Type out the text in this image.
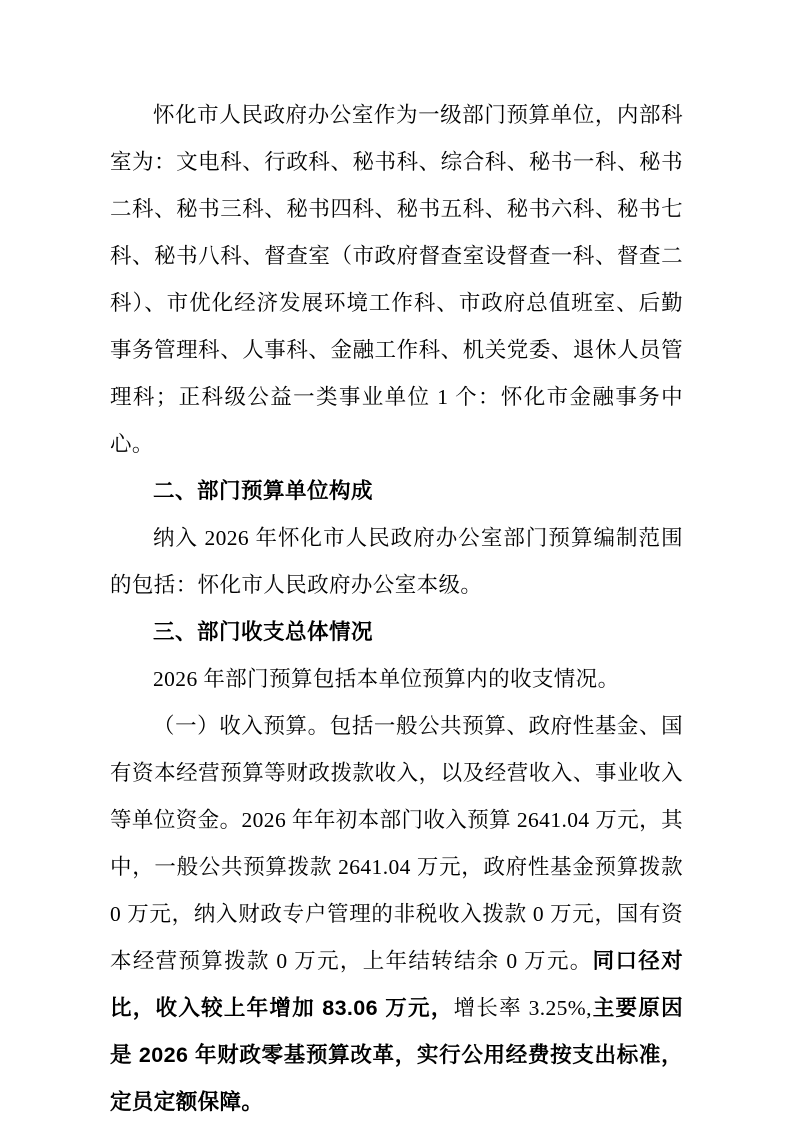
怀化市人民政府办公室作为一级部门预算单位，内部科室为：文电科、行政科、秘书科、综合科、秘书一科、秘书二科、秘书三科、秘书四科、秘书五科、秘书六科、秘书七科、秘书八科、督查室（市政府督查室设督查一科、督查二科）、市优化经济发展环境工作科、市政府总值班室、后勤事务管理科、人事科、金融工作科、机关党委、退休人员管理科；正科级公益一类事业单位 1 个：怀化市金融事务中心。

二、部门预算单位构成

纳入 2026 年怀化市人民政府办公室部门预算编制范围的包括：怀化市人民政府办公室本级。

三、部门收支总体情况

2026 年部门预算包括本单位预算内的收支情况。

（一）收入预算。包括一般公共预算、政府性基金、国有资本经营预算等财政拨款收入，以及经营收入、事业收入等单位资金。2026 年年初本部门收入预算 2641.04 万元，其中，一般公共预算拨款 2641.04 万元，政府性基金预算拨款 0 万元，纳入财政专户管理的非税收入拨款 0 万元，国有资本经营预算拨款 0 万元，上年结转结余 0 万元。同口径对比，收入较上年增加 83.06 万元，增长率 3.25%,主要原因是 2026 年财政零基预算改革，实行公用经费按支出标准，定员定额保障。
